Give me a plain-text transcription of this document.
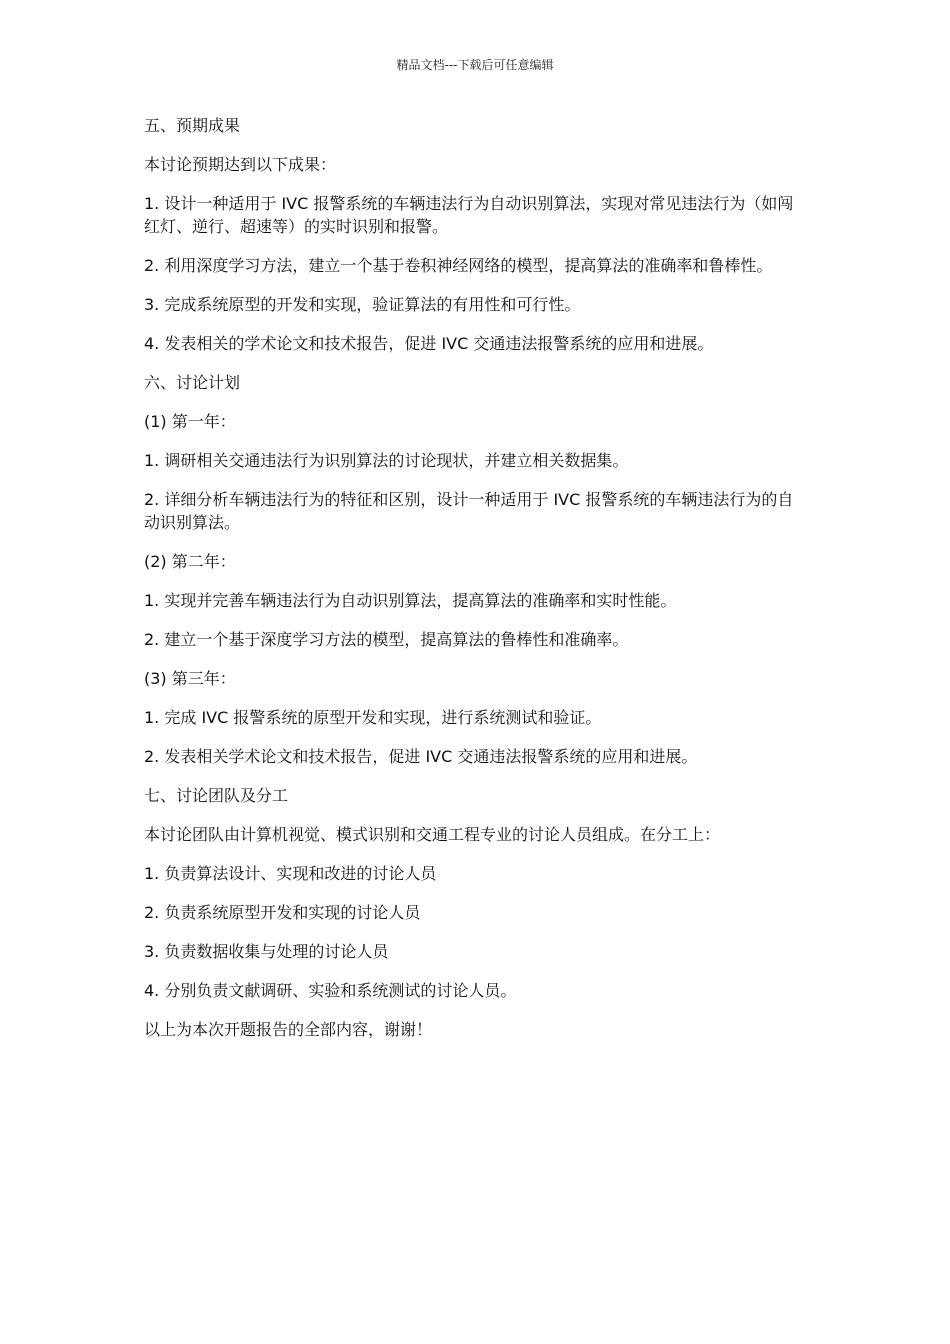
精品文档---下载后可任意编辑

五、预期成果

本讨论预期达到以下成果：

1. 设计一种适用于 IVC 报警系统的车辆违法行为自动识别算法，实现对常见违法行为（如闯红灯、逆行、超速等）的实时识别和报警。

2. 利用深度学习方法，建立一个基于卷积神经网络的模型，提高算法的准确率和鲁棒性。

3. 完成系统原型的开发和实现，验证算法的有用性和可行性。

4. 发表相关的学术论文和技术报告，促进 IVC 交通违法报警系统的应用和进展。

六、讨论计划

(1) 第一年：

1. 调研相关交通违法行为识别算法的讨论现状，并建立相关数据集。

2. 详细分析车辆违法行为的特征和区别，设计一种适用于 IVC 报警系统的车辆违法行为的自动识别算法。

(2) 第二年：

1. 实现并完善车辆违法行为自动识别算法，提高算法的准确率和实时性能。

2. 建立一个基于深度学习方法的模型，提高算法的鲁棒性和准确率。

(3) 第三年：

1. 完成 IVC 报警系统的原型开发和实现，进行系统测试和验证。

2. 发表相关学术论文和技术报告，促进 IVC 交通违法报警系统的应用和进展。

七、讨论团队及分工

本讨论团队由计算机视觉、模式识别和交通工程专业的讨论人员组成。在分工上：

1. 负责算法设计、实现和改进的讨论人员

2. 负责系统原型开发和实现的讨论人员

3. 负责数据收集与处理的讨论人员

4. 分别负责文献调研、实验和系统测试的讨论人员。

以上为本次开题报告的全部内容，谢谢！
